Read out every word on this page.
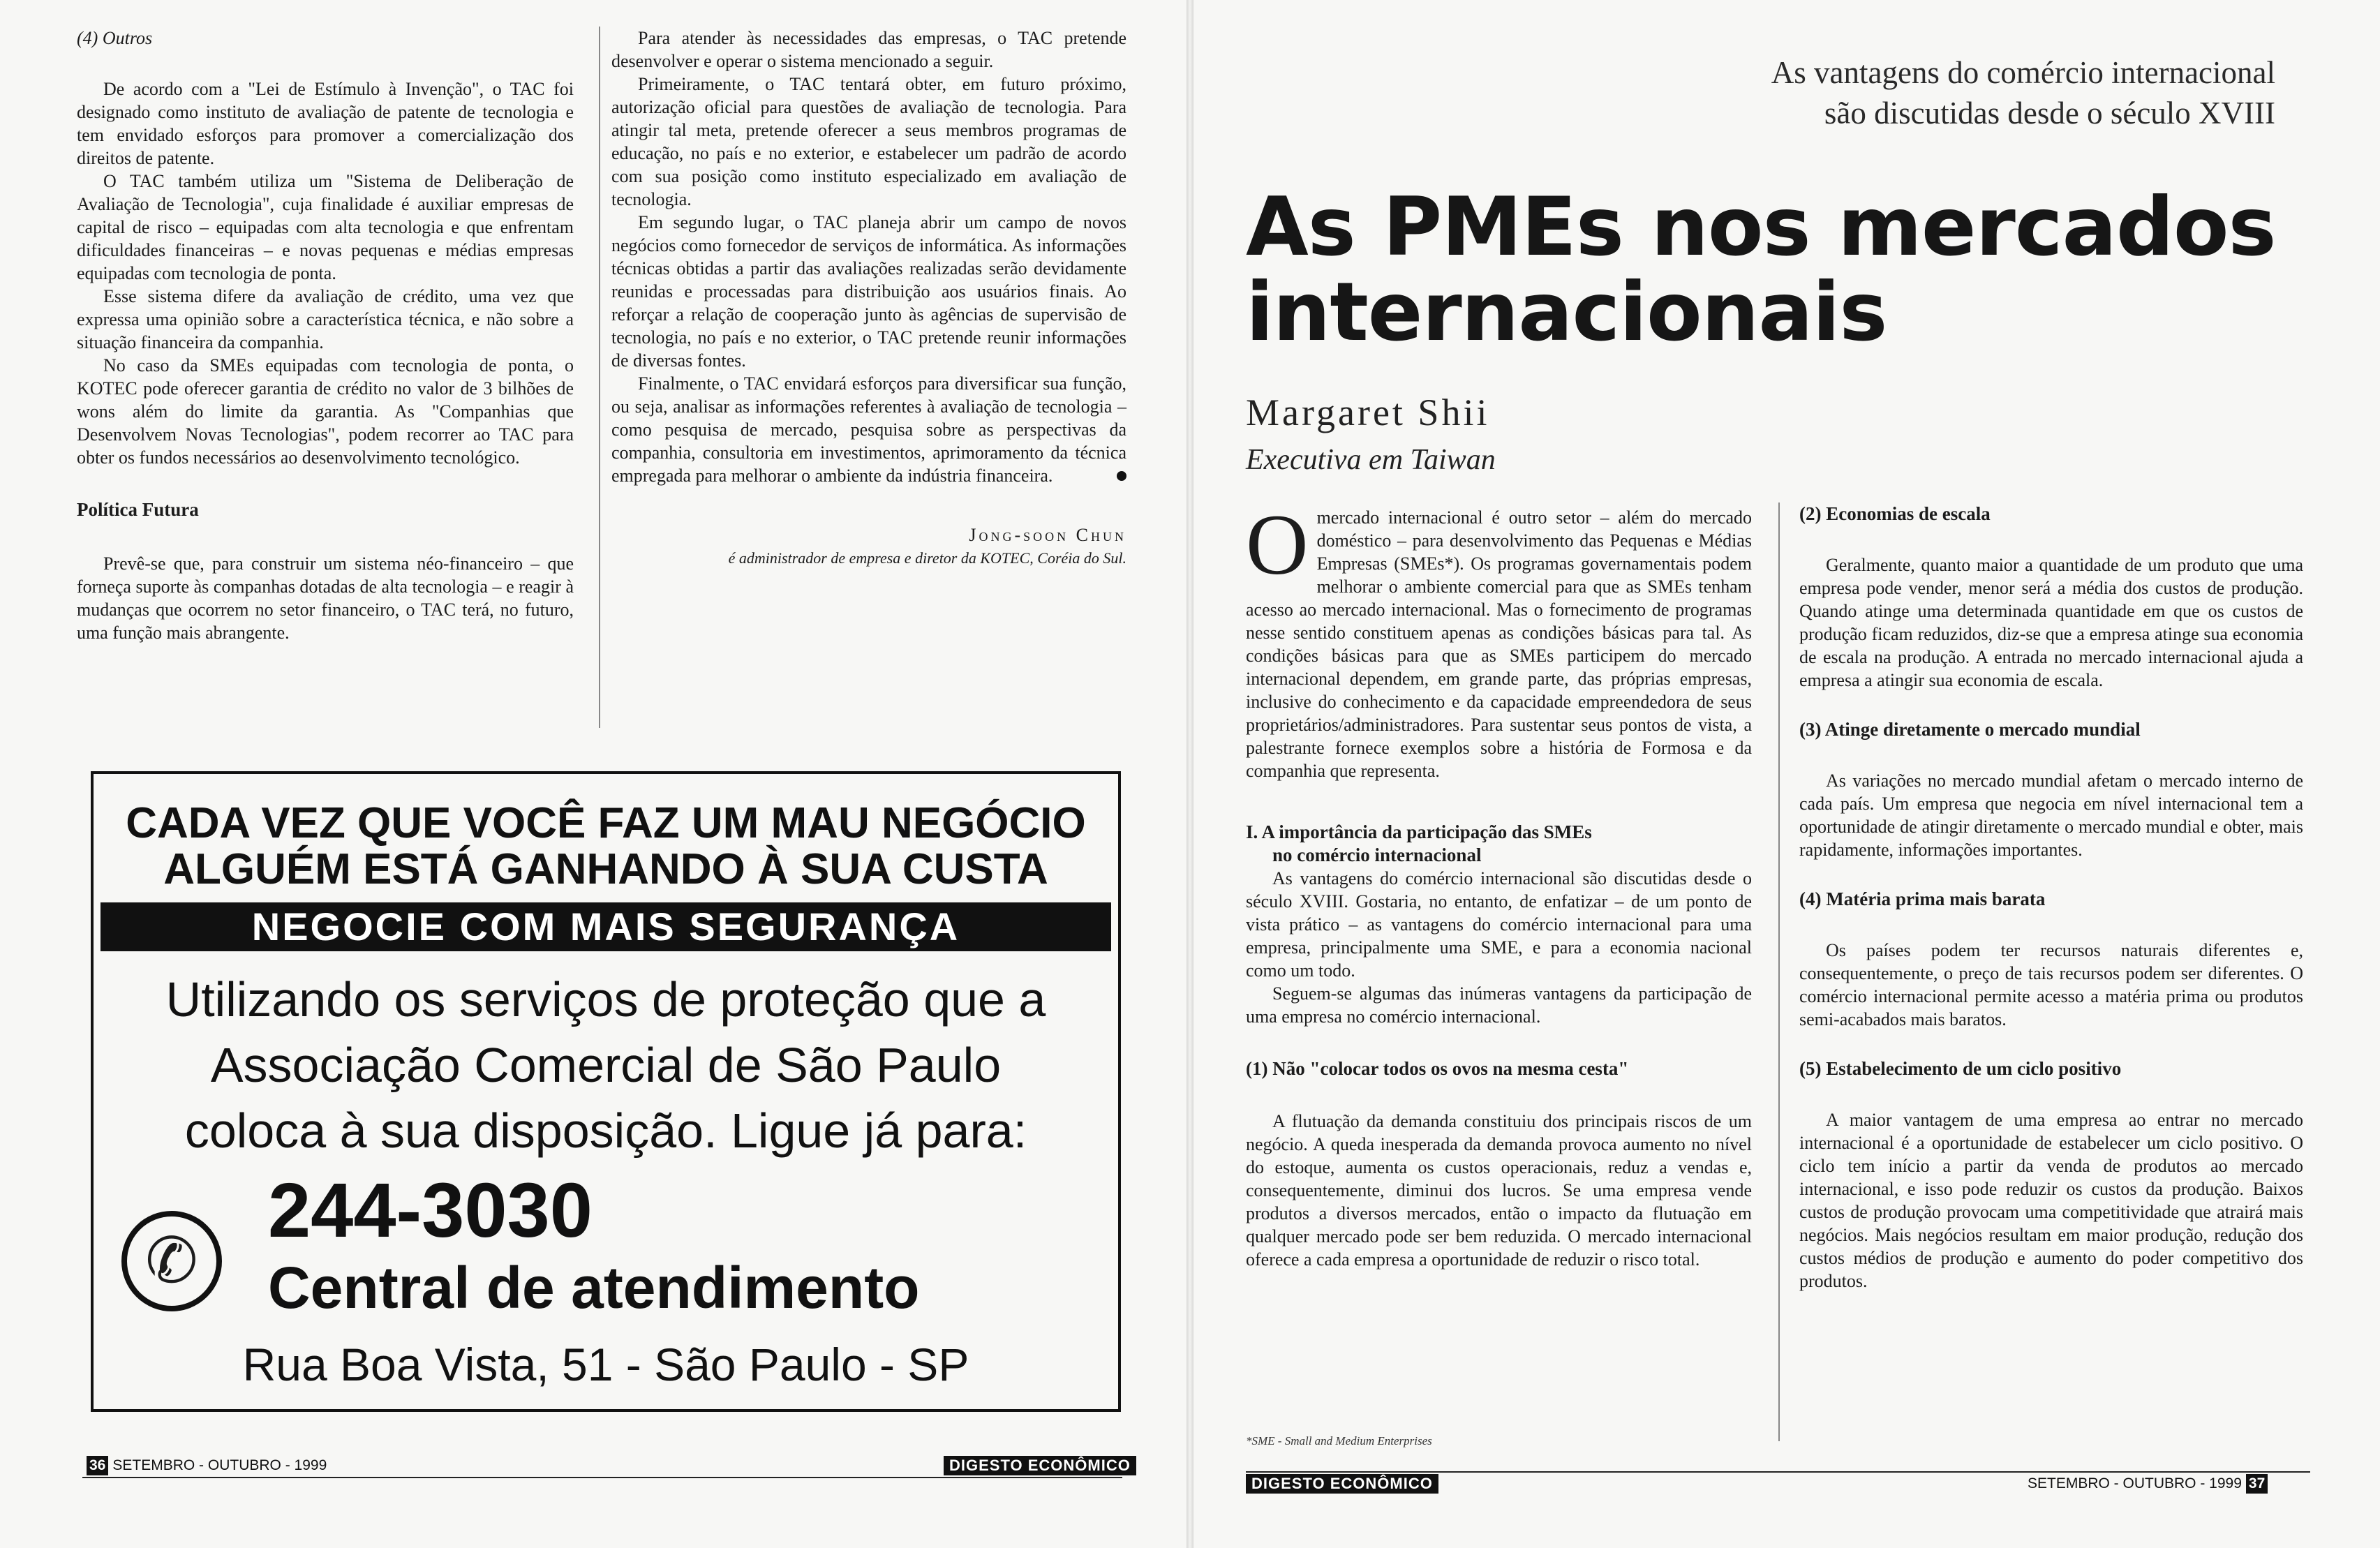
(4) Outros

De acordo com a "Lei de Estímulo à Invenção", o TAC foi designado como instituto de avaliação de patente de tecnologia e tem envidado esforços para promover a comercialização dos direitos de patente.

O TAC também utiliza um "Sistema de Deliberação de Avaliação de Tecnologia", cuja finalidade é auxiliar empresas de capital de risco – equipadas com alta tecnologia e que enfrentam dificuldades financeiras – e novas pequenas e médias empresas equipadas com tecnologia de ponta.

Esse sistema difere da avaliação de crédito, uma vez que expressa uma opinião sobre a característica técnica, e não sobre a situação financeira da companhia.

No caso da SMEs equipadas com tecnologia de ponta, o KOTEC pode oferecer garantia de crédito no valor de 3 bilhões de wons além do limite da garantia. As "Companhias que Desenvolvem Novas Tecnologias", podem recorrer ao TAC para obter os fundos necessários ao desenvolvimento tecnológico.

Política Futura

Prevê-se que, para construir um sistema néo-financeiro – que forneça suporte às companhas dotadas de alta tecnologia – e reagir à mudanças que ocorrem no setor financeiro, o TAC terá, no futuro, uma função mais abrangente.

Para atender às necessidades das empresas, o TAC pretende desenvolver e operar o sistema mencionado a seguir.

Primeiramente, o TAC tentará obter, em futuro próximo, autorização oficial para questões de avaliação de tecnologia. Para atingir tal meta, pretende oferecer a seus membros programas de educação, no país e no exterior, e estabelecer um padrão de acordo com sua posição como instituto especializado em avaliação de tecnologia.

Em segundo lugar, o TAC planeja abrir um campo de novos negócios como fornecedor de serviços de informática. As informações técnicas obtidas a partir das avaliações realizadas serão devidamente reunidas e processadas para distribuição aos usuários finais. Ao reforçar a relação de cooperação junto às agências de supervisão de tecnologia, no país e no exterior, o TAC pretende reunir informações de diversas fontes.

Finalmente, o TAC envidará esforços para diversificar sua função, ou seja, analisar as informações referentes à avaliação de tecnologia – como pesquisa de mercado, pesquisa sobre as perspectivas da companhia, consultoria em investimentos, aprimoramento da técnica empregada para melhorar o ambiente da indústria financeira.

Jong-soon Chun
é administrador de empresa e diretor da KOTEC, Coréia do Sul.
CADA VEZ QUE VOCÊ FAZ UM MAU NEGÓCIO
ALGUÉM ESTÁ GANHANDO À SUA CUSTA
NEGOCIE COM MAIS SEGURANÇA
Utilizando os serviços de proteção que a
Associação Comercial de São Paulo
coloca à sua disposição. Ligue já para:
✆
244-3030
Central de atendimento
Rua Boa Vista, 51 - São Paulo - SP
36 SETEMBRO - OUTUBRO - 1999	DIGESTO ECONÔMICO
As vantagens do comércio internacional
são discutidas desde o século XVIII
As PMEs nos mercados
internacionais
Margaret Shii
Executiva em Taiwan

Omercado internacional é outro setor – além do mercado doméstico – para desenvolvimento das Pequenas e Médias Empresas (SMEs*). Os programas governamentais podem melhorar o ambiente comercial para que as SMEs tenham acesso ao mercado internacional. Mas o fornecimento de programas nesse sentido constituem apenas as condições básicas para tal. As condições básicas para que as SMEs participem do mercado internacional dependem, em grande parte, das próprias empresas, inclusive do conhecimento e da capacidade empreendedora de seus proprietários/administradores. Para sustentar seus pontos de vista, a palestrante fornece exemplos sobre a história de Formosa e da companhia que representa.

I. A importância da participação das SMEs
no comércio internacional

As vantagens do comércio internacional são discutidas desde o século XVIII. Gostaria, no entanto, de enfatizar – de um ponto de vista prático – as vantagens do comércio internacional para uma empresa, principalmente uma SME, e para a economia nacional como um todo.

Seguem-se algumas das inúmeras vantagens da participação de uma empresa no comércio internacional.

(1) Não "colocar todos os ovos na mesma cesta"

A flutuação da demanda constituiu dos principais riscos de um negócio. A queda inesperada da demanda provoca aumento no nível do estoque, aumenta os custos operacionais, reduz a vendas e, consequentemente, diminui dos lucros. Se uma empresa vende produtos a diversos mercados, então o impacto da flutuação em qualquer mercado pode ser bem reduzida. O mercado internacional oferece a cada empresa a oportunidade de reduzir o risco total.

*SME - Small and Medium Enterprises
(2) Economias de escala

Geralmente, quanto maior a quantidade de um produto que uma empresa pode vender, menor será a média dos custos de produção. Quando atinge uma determinada quantidade em que os custos de produção ficam reduzidos, diz-se que a empresa atinge sua economia de escala na produção. A entrada no mercado internacional ajuda a empresa a atingir sua economia de escala.

(3) Atinge diretamente o mercado mundial

As variações no mercado mundial afetam o mercado interno de cada país. Um empresa que negocia em nível internacional tem a oportunidade de atingir diretamente o mercado mundial e obter, mais rapidamente, informações importantes.

(4) Matéria prima mais barata

Os países podem ter recursos naturais diferentes e, consequentemente, o preço de tais recursos podem ser diferentes. O comércio internacional permite acesso a matéria prima ou produtos semi-acabados mais baratos.

(5) Estabelecimento de um ciclo positivo

A maior vantagem de uma empresa ao entrar no mercado internacional é a oportunidade de estabelecer um ciclo positivo. O ciclo tem início a partir da venda de produtos ao mercado internacional, e isso pode reduzir os custos da produção. Baixos custos de produção provocam uma competitividade que atrairá mais negócios. Mais negócios resultam em maior produção, redução dos custos médios de produção e aumento do poder competitivo dos produtos.

DIGESTO ECONÔMICO	SETEMBRO - OUTUBRO - 1999 37
